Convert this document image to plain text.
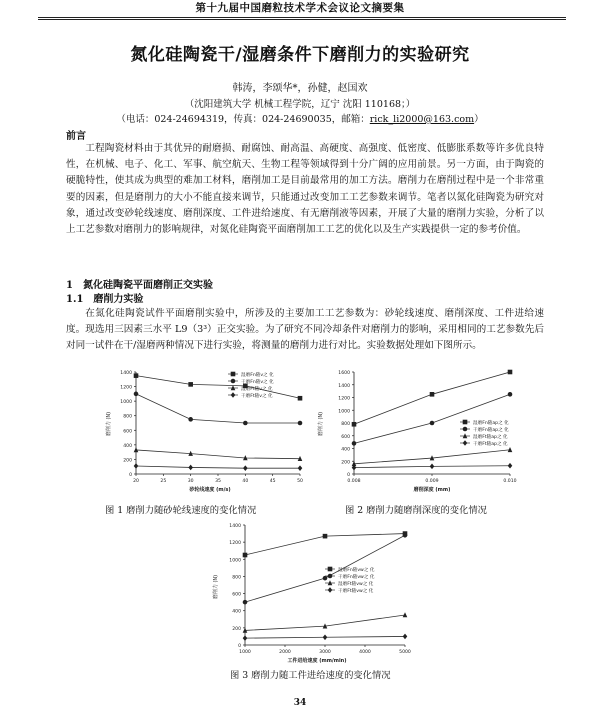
第十九届中国磨粒技术学术会议论文摘要集
氮化硅陶瓷干/湿磨条件下磨削力的实验研究
韩涛，李颂华*，孙健，赵国欢
（沈阳建筑大学 机械工程学院，辽宁 沈阳 110168；）
（电话：024-24694319，传真：024-24690035，邮箱：rick_li2000@163.com）
前言
工程陶瓷材料由于其优异的耐磨损、耐腐蚀、耐高温、高硬度、高强度、低密度、低膨胀系数等许多优良特性，在机械、电子、化工、军事、航空航天、生物工程等领域得到十分广阔的应用前景。另一方面，由于陶瓷的硬脆特性，使其成为典型的难加工材料，磨削加工是目前最常用的加工方法。磨削力在磨削过程中是一个非常重要的因素，但是磨削力的大小不能直接来调节，只能通过改变加工工艺参数来调节。笔者以氮化硅陶瓷为研究对象，通过改变砂轮线速度、磨削深度、工件进给速度、有无磨削液等因素，开展了大量的磨削力实验，分析了以上工艺参数对磨削力的影响规律，对氮化硅陶瓷平面磨削加工工艺的优化以及生产实践提供一定的参考价值。
1　氮化硅陶瓷平面磨削正交实验
1.1　磨削力实验
在氮化硅陶瓷试件平面磨削实验中，所涉及的主要加工工艺参数为：砂轮线速度、磨削深度、工件进给速度。现选用三因素三水平 L9（3³）正交实验。为了研究不同冷却条件对磨削力的影响，采用相同的工艺参数先后对同一试件在干/湿磨两种情况下进行实验，将测量的磨削力进行对比。实验数据处理如下图所示。
0
200
400
600
800
1000
1200
1400
20	25	30	35	40	45	50
砂轮线速度 (m/s)
磨削力 (N)
湿磨Fn随v之 化
干磨Fn随v之 化
湿磨Ft随v之 化
干磨Ft随v之 化
图 1 磨削力随砂轮线速度的变化情况
0
200
400
600
800
1000
1200
1400
1600
0.008	0.009	0.010
磨削深度 (mm)
磨削力 (N)	湿磨Fn随ap之 化
干磨Fn随ap之 化
湿磨Ft随ap之 化
干磨Ft随ap之 化
图 2 磨削力随磨削深度的变化情况
0
200
400
600
800
1000
1200
1400
1000	2000	3000	4000	5000
工件进给速度 (mm/min)
磨削力 (N)
湿磨Fn随vw之 化
干磨Fn随vw之 化
湿磨Ft随vw之 化
干磨Ft随vw之 化
图 3 磨削力随工件进给速度的变化情况
34
